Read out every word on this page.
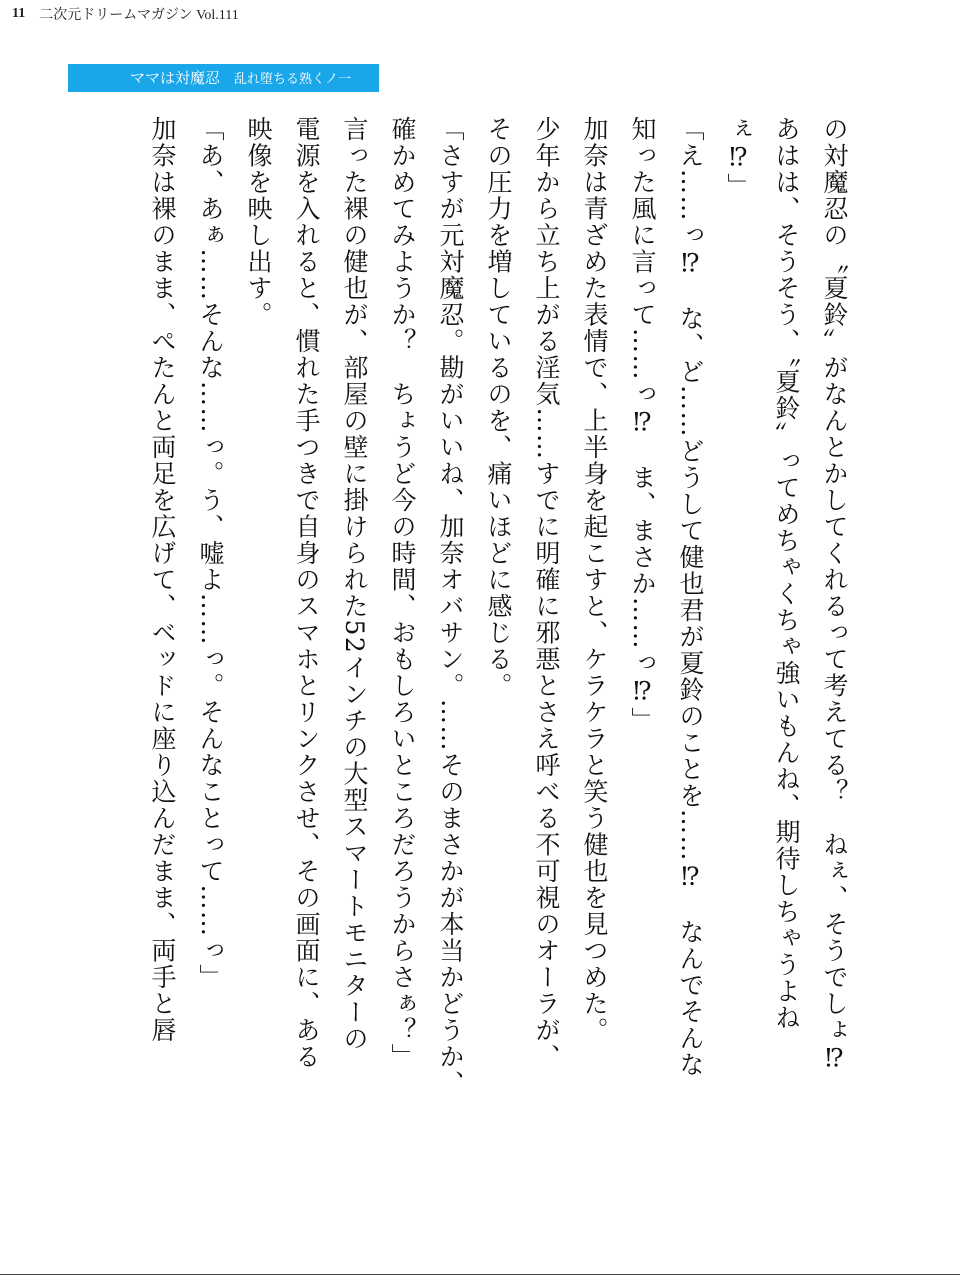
11 二次元ドリームマガジン Vol.111
ママは対魔忍 乱れ堕ちる熟くノ一
の対魔忍の〝夏鈴〟がなんとかしてくれるって考えてる？　ねぇ、そうでしょ⁉
あはは、そうそう、〝夏鈴〟ってめちゃくちゃ強いもんね、期待しちゃうよね
ぇ⁉」
「え……っ⁉　な、ど……どうして健也君が夏鈴のことを……⁉　なんでそんな
知った風に言って……っ⁉　ま、まさか……っ⁉」
加奈は青ざめた表情で、上半身を起こすと、ケラケラと笑う健也を見つめた。
少年から立ち上がる淫気……すでに明確に邪悪とさえ呼べる不可視のオーラが、
その圧力を増しているのを、痛いほどに感じる。
「さすが元対魔忍。勘がいいね、加奈オバサン。……そのまさかが本当かどうか、
確かめてみようか？　ちょうど今の時間、おもしろいところだろうからさぁ？」
言った裸の健也が、部屋の壁に掛けられた52インチの大型スマートモニターの
電源を入れると、慣れた手つきで自身のスマホとリンクさせ、その画面に、ある
映像を映し出す。
「あ、あぁ……そんな……っ。う、嘘よ……っ。そんなことって……っ」
加奈は裸のまま、ぺたんと両足を広げて、ベッドに座り込んだまま、両手と唇
